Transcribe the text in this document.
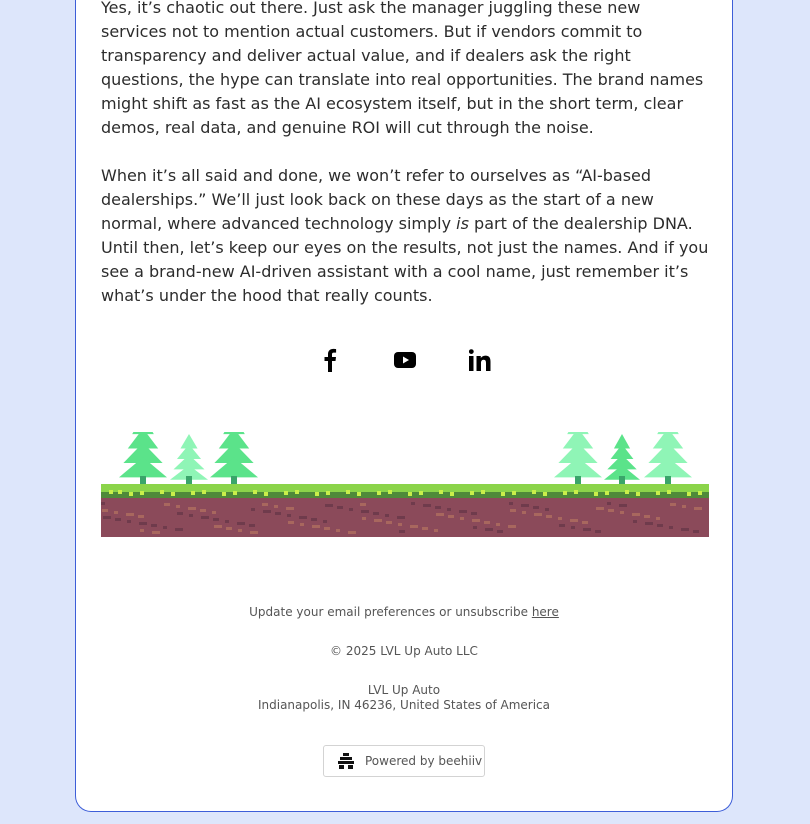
Yes, it’s chaotic out there. Just ask the manager juggling these new services not to mention actual customers. But if vendors commit to transparency and deliver actual value, and if dealers ask the right questions, the hype can translate into real opportunities. The brand names might shift as fast as the AI ecosystem itself, but in the short term, clear demos, real data, and genuine ROI will cut through the noise.

When it’s all said and done, we won’t refer to ourselves as “AI-based dealerships.” We’ll just look back on these days as the start of a new normal, where advanced technology simply is part of the dealership DNA. Until then, let’s keep our eyes on the results, not just the names. And if you see a brand-new AI-driven assistant with a cool name, just remember it’s what’s under the hood that really counts.

Update your email preferences or unsubscribe here
© 2025 LVL Up Auto LLC
LVL Up Auto
Indianapolis, IN 46236, United States of America
Powered by beehiiv
